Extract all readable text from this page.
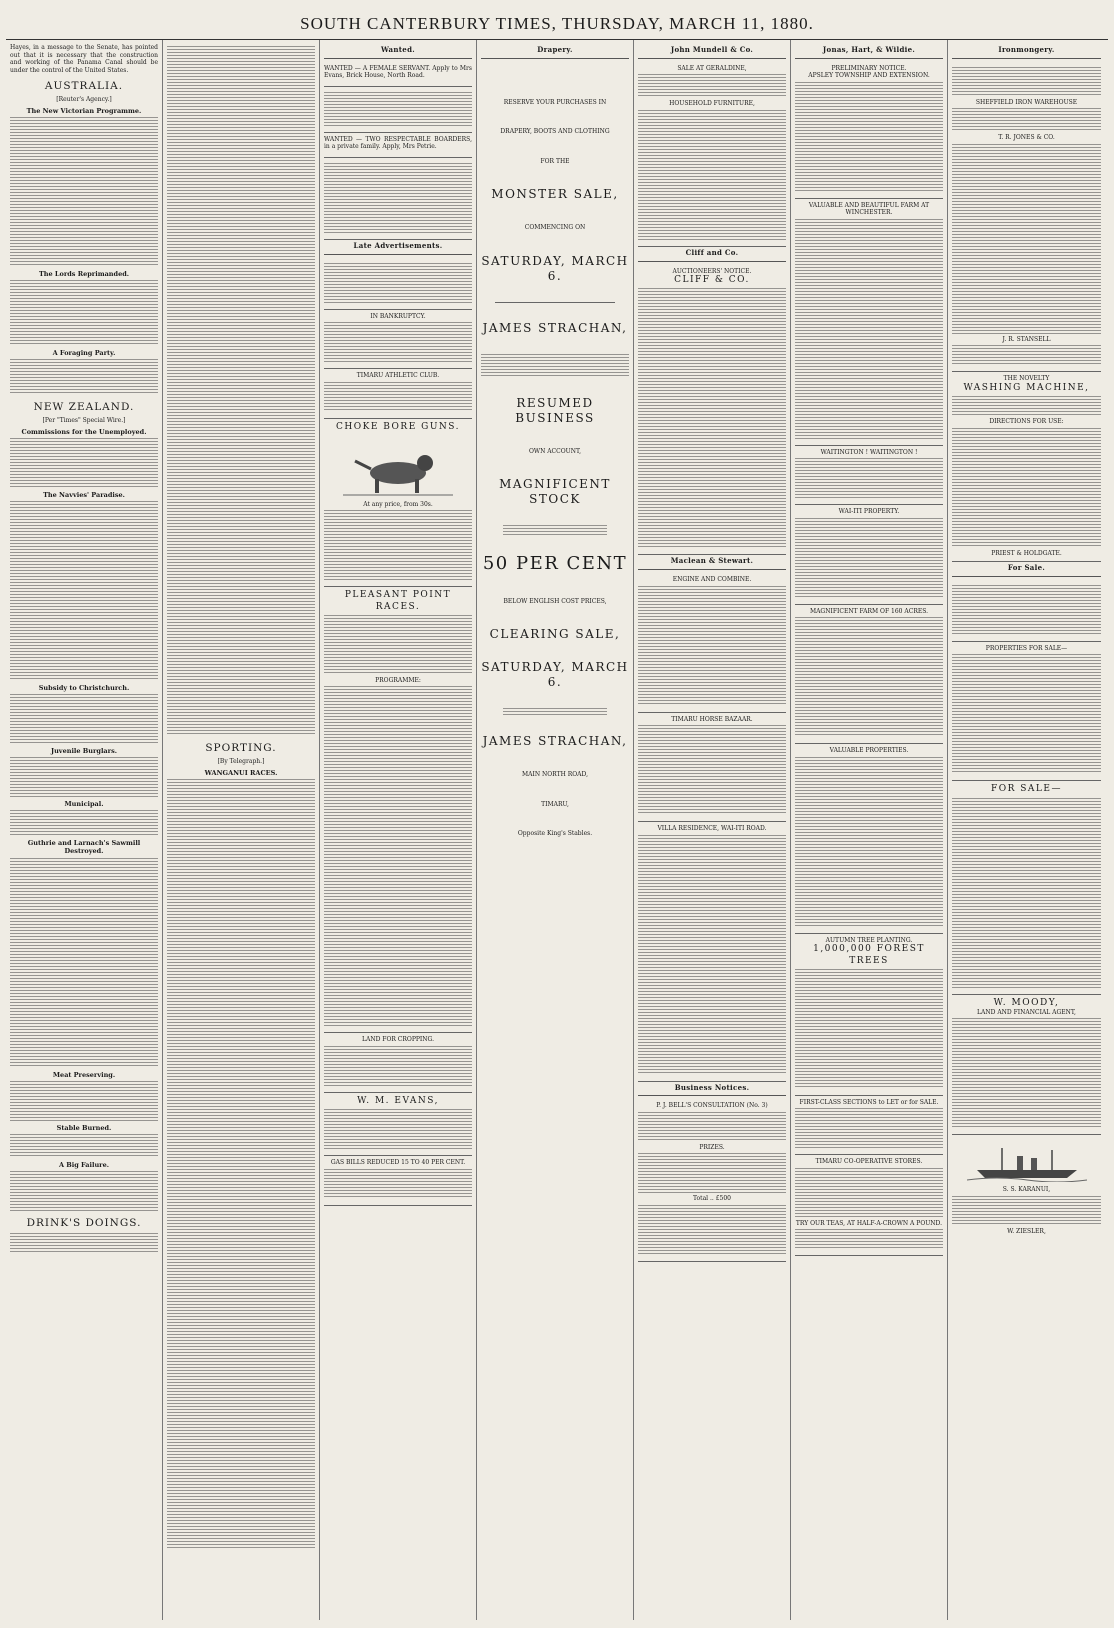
SOUTH CANTERBURY TIMES, THURSDAY, MARCH 11, 1880.

Hayes, in a message to the Senate, has pointed out that it is necessary that the construction and working of the Panama Canal should be under the control of the United States.

AUSTRALIA.
[Reuter's Agency.]
The New Victorian Programme.
The Lords Reprimanded.
A Foraging Party.
NEW ZEALAND.
[Per "Times" Special Wire.]
Commissions for the Unemployed.
The Navvies' Paradise.
Subsidy to Christchurch.
Juvenile Burglars.
Municipal.
Guthrie and Larnach's Sawmill Destroyed.
Meat Preserving.
Stable Burned.
A Big Failure.
DRINK'S DOINGS.
SPORTING.
[By Telegraph.]
WANGANUI RACES.
Wanted.

WANTED — A FEMALE SERVANT. Apply to Mrs Evans, Brick House, North Road.

WANTED — TWO RESPECTABLE BOARDERS, in a private family. Apply, Mrs Petrie.

Late Advertisements.
IN BANKRUPTCY.
TIMARU ATHLETIC CLUB.
CHOKE BORE GUNS.
At any price, from 30s.
PLEASANT POINT RACES.
PROGRAMME:
LAND FOR CROPPING.
W. M. EVANS,
GAS BILLS REDUCED 15 TO 40 PER CENT.
Drapery.
RESERVE YOUR PURCHASES IN
DRAPERY, BOOTS AND CLOTHING
FOR THE
MONSTER SALE,
COMMENCING ON
SATURDAY, MARCH 6.
JAMES STRACHAN,
RESUMED BUSINESS
OWN ACCOUNT,
MAGNIFICENT STOCK
50 PER CENT
BELOW ENGLISH COST PRICES,
CLEARING SALE,
SATURDAY, MARCH 6.
JAMES STRACHAN,
MAIN NORTH ROAD,
TIMARU,
Opposite King's Stables.
John Mundell & Co.
SALE AT GERALDINE,
HOUSEHOLD FURNITURE,
Cliff and Co.
AUCTIONEERS' NOTICE.
CLIFF & CO.
Maclean & Stewart.
ENGINE AND COMBINE.
TIMARU HORSE BAZAAR.
VILLA RESIDENCE, WAI-ITI ROAD.
Business Notices.
P. J. BELL'S CONSULTATION (No. 3)
PRIZES.
Total .. £500
Jonas, Hart, & Wildie.
PRELIMINARY NOTICE.
APSLEY TOWNSHIP AND EXTENSION.
VALUABLE AND BEAUTIFUL FARM AT WINCHESTER.
WAITINGTON ! WAITINGTON !
WAI-ITI PROPERTY.
MAGNIFICENT FARM OF 160 ACRES.
VALUABLE PROPERTIES.
AUTUMN TREE PLANTING.
1,000,000 FOREST TREES
FIRST-CLASS SECTIONS to LET or for SALE.
TIMARU CO-OPERATIVE STORES.
TRY OUR TEAS, AT HALF-A-CROWN A POUND.
Ironmongery.
SHEFFIELD IRON WAREHOUSE
T. R. JONES & CO.
J. R. STANSELL
THE NOVELTY
WASHING MACHINE,
DIRECTIONS FOR USE:
PRIEST & HOLDGATE.
For Sale.
PROPERTIES FOR SALE—
FOR SALE—
W. MOODY,
LAND AND FINANCIAL AGENT,
S. S. KARANUI,
W. ZIESLER,
